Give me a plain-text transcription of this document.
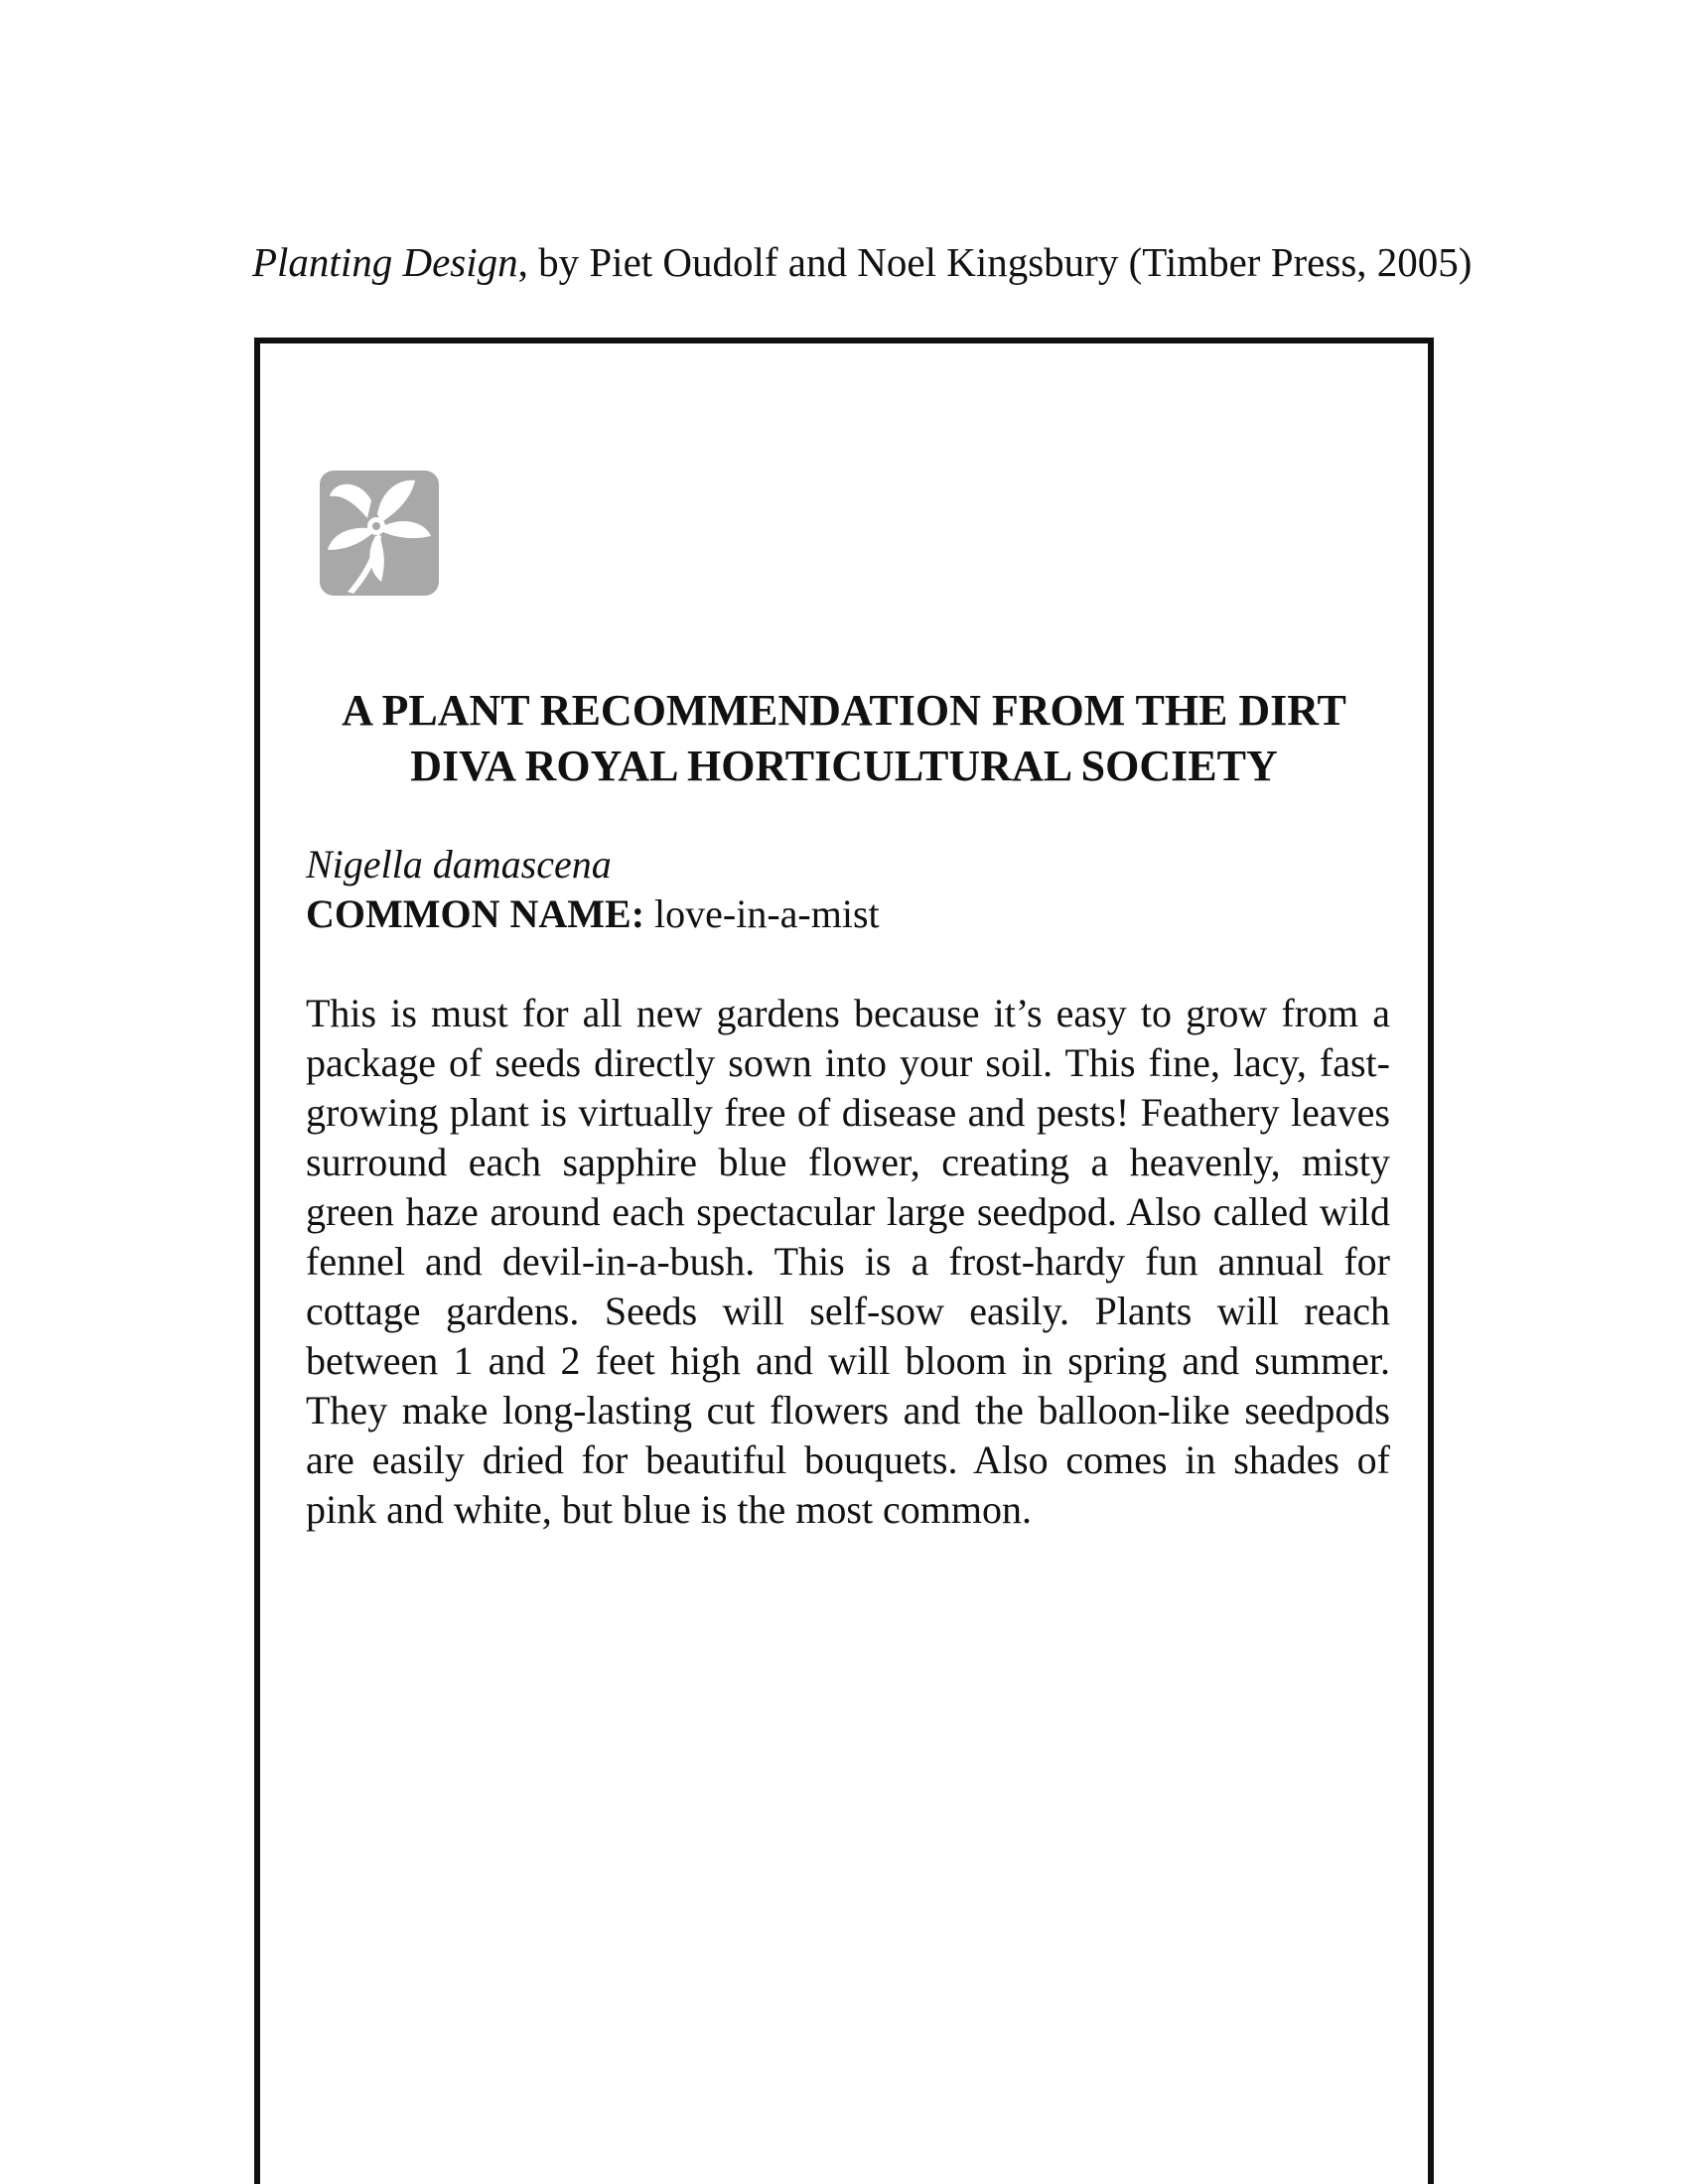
Planting Design, by Piet Oudolf and Noel Kingsbury (Timber Press, 2005)

A PLANT RECOMMENDATION FROM THE DIRT DIVA ROYAL HORTICULTURAL SOCIETY
Nigella damascena
COMMON NAME: love-in-a-mist

This is must for all new gardens because it’s easy to grow from a package of seeds directly sown into your soil. This fine, lacy, fast-growing plant is virtually free of disease and pests! Feathery leaves surround each sapphire blue flower, creating a heavenly, misty green haze around each spectacular large seedpod. Also called wild fennel and devil-in-a-bush. This is a frost-hardy fun annual for cottage gardens. Seeds will self-sow easily. Plants will reach between 1 and 2 feet high and will bloom in spring and summer. They make long-lasting cut flowers and the balloon-like seedpods are easily dried for beautiful bouquets. Also comes in shades of pink and white, but blue is the most common.
